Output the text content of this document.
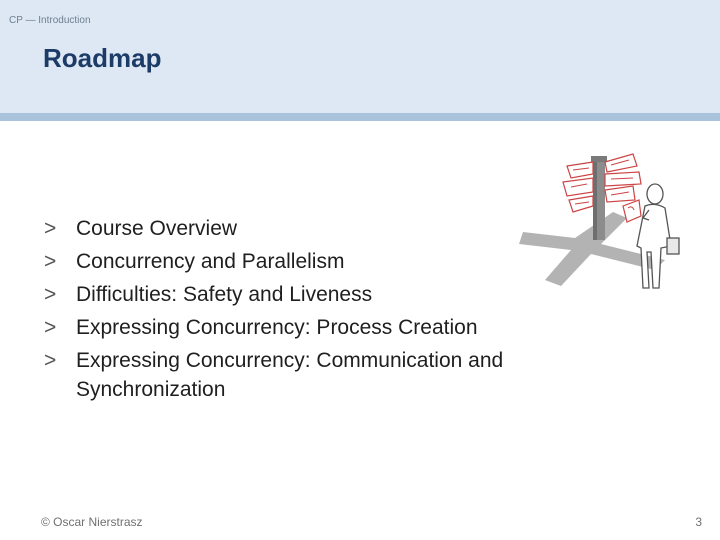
CP — Introduction
Roadmap
> Course Overview
> Concurrency and Parallelism
> Difficulties: Safety and Liveness
> Expressing Concurrency: Process Creation
> Expressing Concurrency: Communication and Synchronization
© Oscar Nierstrasz	3
